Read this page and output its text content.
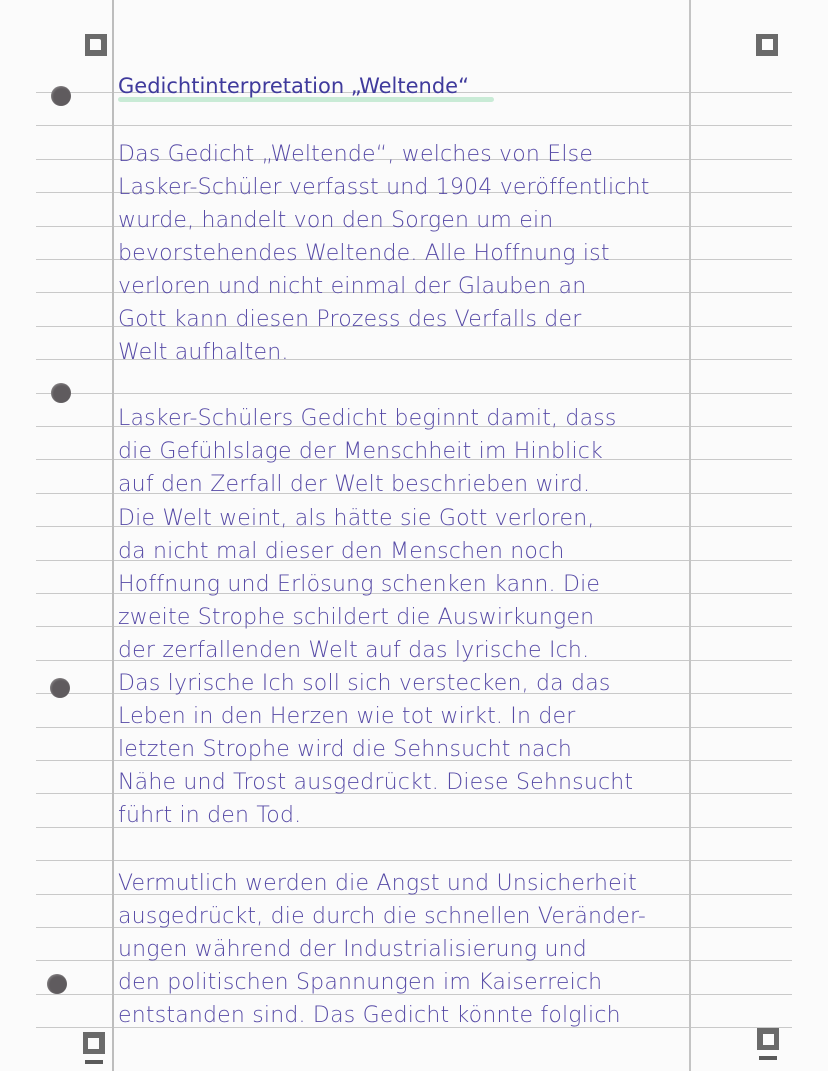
Gedichtinterpretation „Weltende“
Das Gedicht „Weltende“, welches von Else
Lasker-Schüler verfasst und 1904 veröffentlicht
wurde, handelt von den Sorgen um ein
bevorstehendes Weltende. Alle Hoffnung ist
verloren und nicht einmal der Glauben an
Gott kann diesen Prozess des Verfalls der
Welt aufhalten.
Lasker-Schülers Gedicht beginnt damit, dass
die Gefühlslage der Menschheit im Hinblick
auf den Zerfall der Welt beschrieben wird.
Die Welt weint, als hätte sie Gott verloren,
da nicht mal dieser den Menschen noch
Hoffnung und Erlösung schenken kann. Die
zweite Strophe schildert die Auswirkungen
der zerfallenden Welt auf das lyrische Ich.
Das lyrische Ich soll sich verstecken, da das
Leben in den Herzen wie tot wirkt. In der
letzten Strophe wird die Sehnsucht nach
Nähe und Trost ausgedrückt. Diese Sehnsucht
führt in den Tod.
Vermutlich werden die Angst und Unsicherheit
ausgedrückt, die durch die schnellen Veränder-
ungen während der Industrialisierung und
den politischen Spannungen im Kaiserreich
entstanden sind. Das Gedicht könnte folglich
